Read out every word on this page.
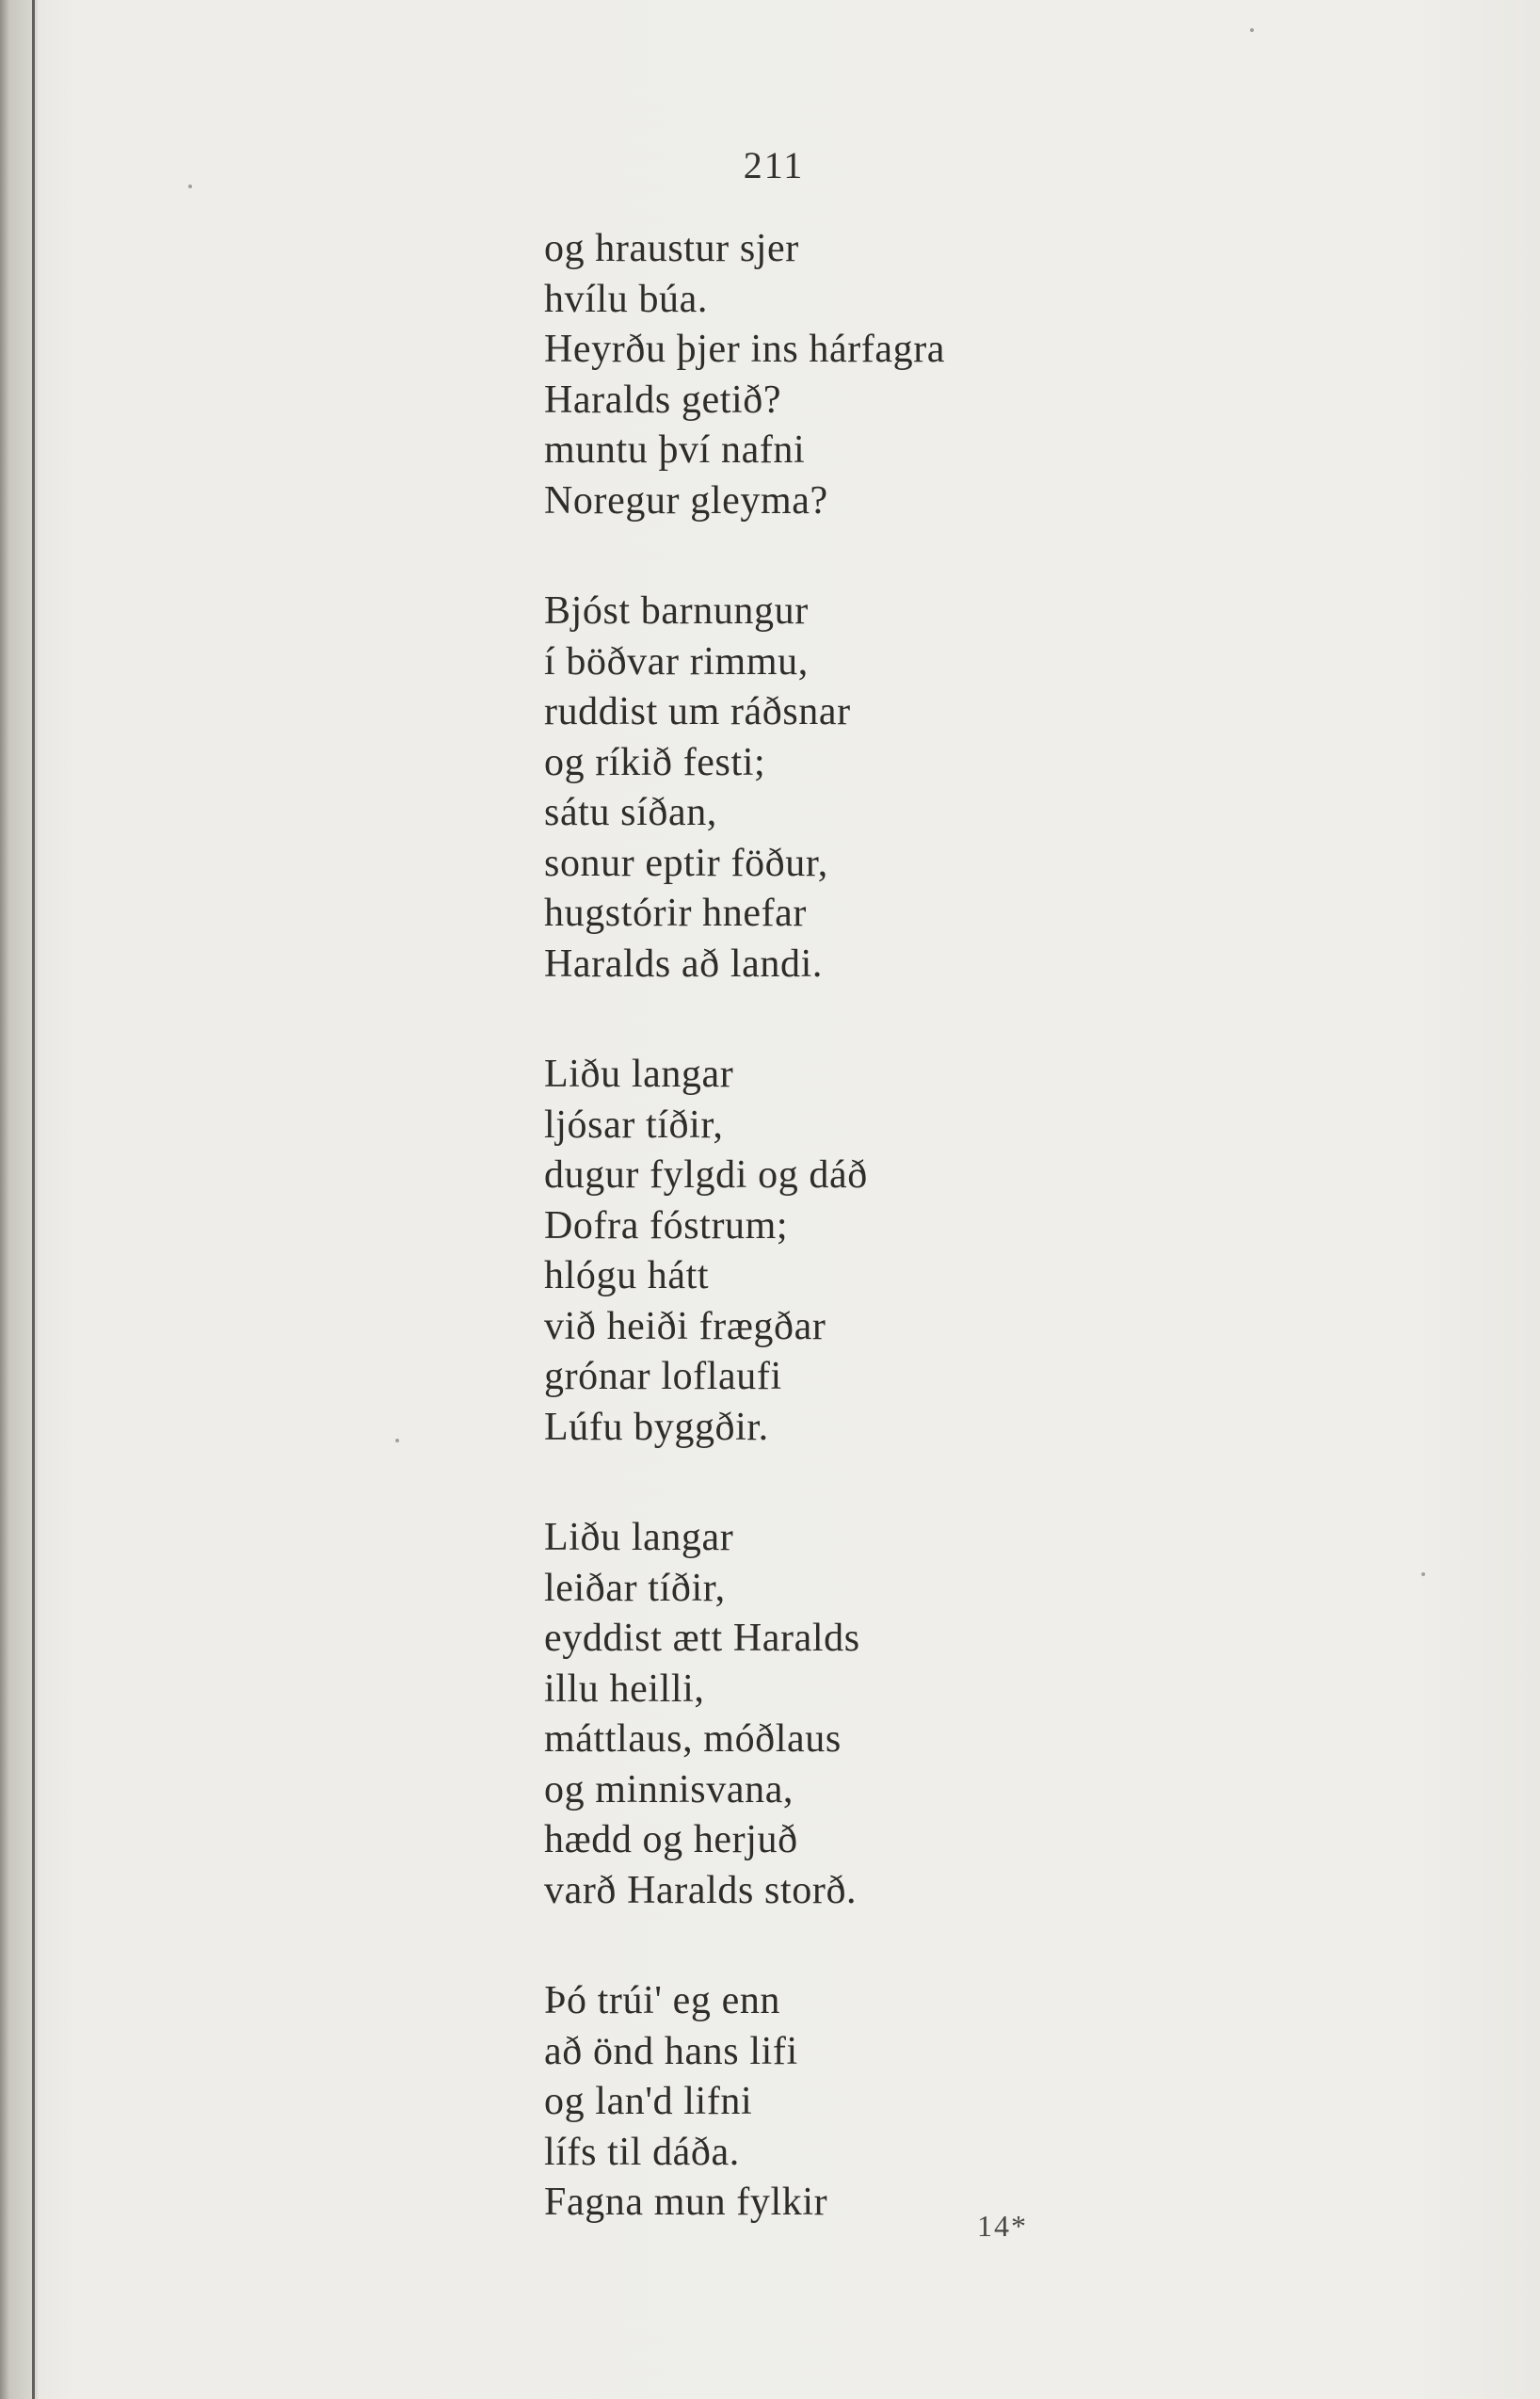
211
og hraustur sjer
hvílu búa.
Heyrðu þjer ins hárfagra
Haralds getið?
muntu því nafni
Noregur gleyma?
Bjóst barnungur
í böðvar rimmu,
ruddist um ráðsnar
og ríkið festi;
sátu síðan,
sonur eptir föður,
hugstórir hnefar
Haralds að landi.
Liðu langar
ljósar tíðir,
dugur fylgdi og dáð
Dofra fóstrum;
hlógu hátt
við heiði frægðar
grónar loflaufi
Lúfu byggðir.
Liðu langar
leiðar tíðir,
eyddist ætt Haralds
illu heilli,
máttlaus, móðlaus
og minnisvana,
hædd og herjuð
varð Haralds storð.
Þó trúi' eg enn
að önd hans lifi
og lan'd lifni
lífs til dáða.
Fagna mun fylkir
14*
